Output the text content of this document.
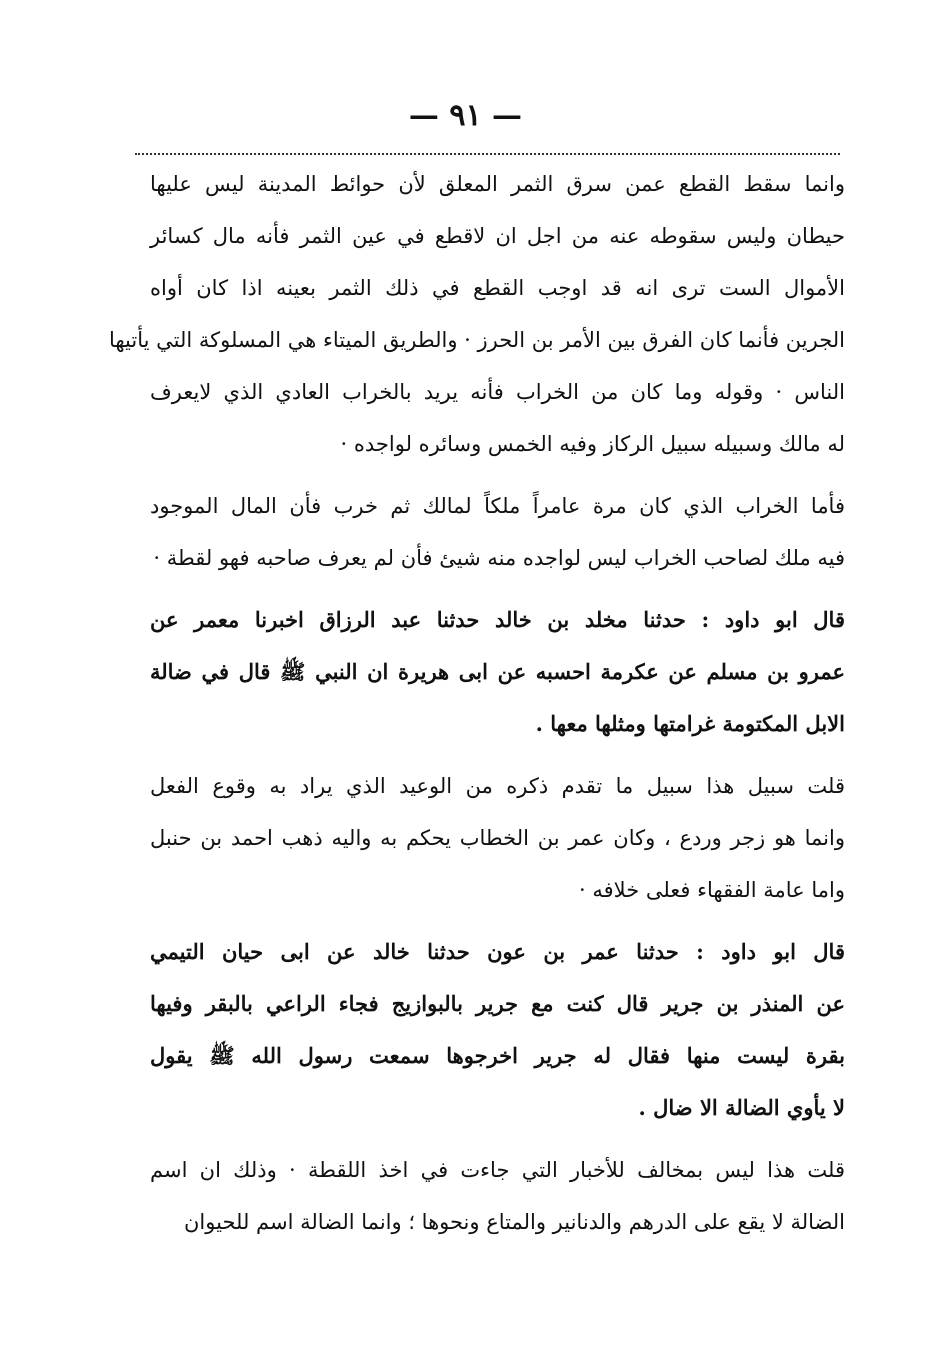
— ٩١ —
وانما سقط القطع عمن سرق الثمر المعلق لأن حوائط المدينة ليس عليها
حيطان وليس سقوطه عنه من اجل ان لاقطع في عين الثمر فأنه مال كسائر
الأموال الست ترى انه قد اوجب القطع في ذلك الثمر بعينه اذا كان أواه
الجرين فأنما كان الفرق بين الأمر بن الحرز · والطريق الميتاء هي المسلوكة التي يأتيها
الناس · وقوله وما كان من الخراب فأنه يريد بالخراب العادي الذي لايعرف
له مالك وسبيله سبيل الركاز وفيه الخمس وسائره لواجده ·
فأما الخراب الذي كان مرة عامراً ملكاً لمالك ثم خرب فأن المال الموجود
فيه ملك لصاحب الخراب ليس لواجده منه شيئ فأن لم يعرف صاحبه فهو لقطة ·
قال ابو داود : حدثنا مخلد بن خالد حدثنا عبد الرزاق اخبرنا معمر عن
عمرو بن مسلم عن عكرمة احسبه عن ابى هريرة ان النبي ﷺ قال في ضالة
الابل المكتومة غرامتها ومثلها معها .
قلت سبيل هذا سبيل ما تقدم ذكره من الوعيد الذي يراد به وقوع الفعل
وانما هو زجر وردع ، وكان عمر بن الخطاب يحكم به واليه ذهب احمد بن حنبل
واما عامة الفقهاء فعلى خلافه ·
قال ابو داود : حدثنا عمر بن عون حدثنا خالد عن ابى حيان التيمي
عن المنذر بن جرير قال كنت مع جرير بالبوازيج فجاء الراعي بالبقر وفيها
بقرة ليست منها فقال له جرير اخرجوها سمعت رسول الله ﷺ يقول
لا يأوي الضالة الا ضال .
قلت هذا ليس بمخالف للأخبار التي جاءت في اخذ اللقطة · وذلك ان اسم
الضالة لا يقع على الدرهم والدنانير والمتاع ونحوها ؛ وانما الضالة اسم للحيوان
